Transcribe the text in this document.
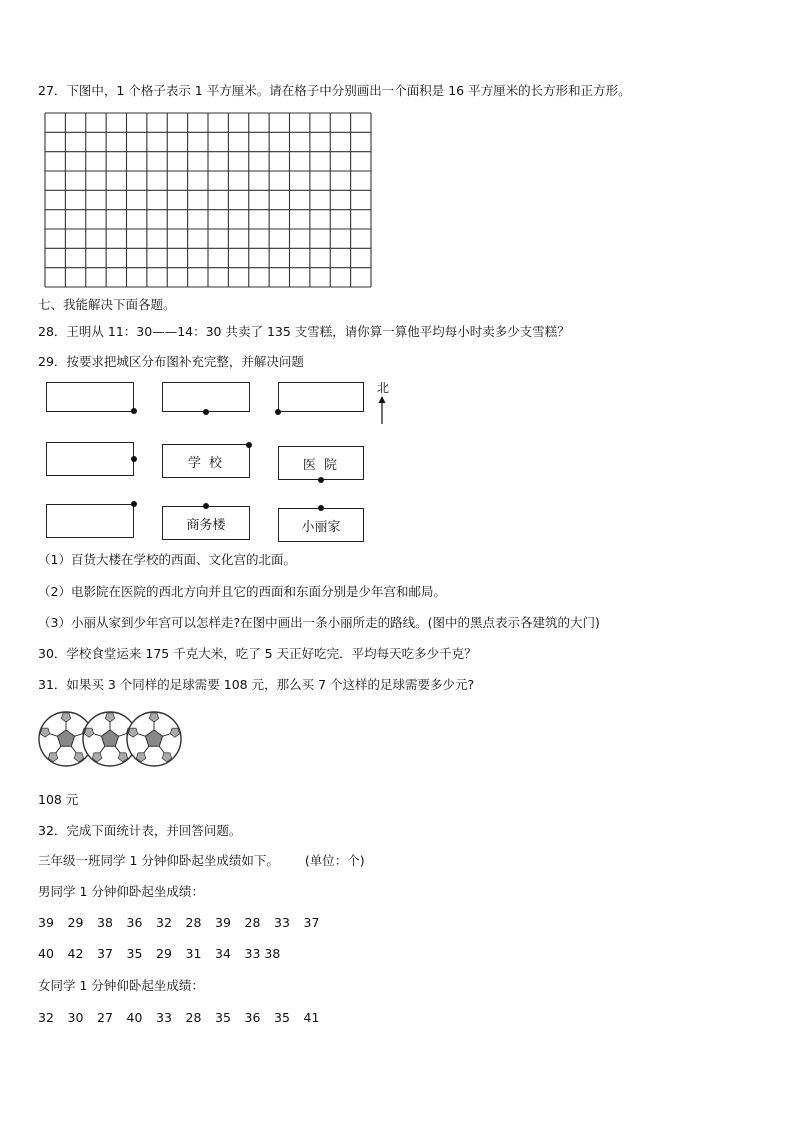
27．下图中，1 个格子表示 1 平方厘米。请在格子中分别画出一个面积是 16 平方厘米的长方形和正方形。
七、我能解决下面各题。
28．王明从 11：30——14：30 共卖了 135 支雪糕，请你算一算他平均每小时卖多少支雪糕？
29．按要求把城区分布图补充完整，并解决问题
北
学 校	医 院
商务楼	小丽家
（1）百货大楼在学校的西面、文化宫的北面。
（2）电影院在医院的西北方向并且它的西面和东面分别是少年宫和邮局。
（3）小丽从家到少年宫可以怎样走?在图中画出一条小丽所走的路线。(图中的黑点表示各建筑的大门)
30．学校食堂运来 175 千克大米，吃了 5 天正好吃完．平均每天吃多少千克？
31．如果买 3 个同样的足球需要 108 元，那么买 7 个这样的足球需要多少元?
108 元
32．完成下面统计表，并回答问题。
三年级一班同学 1 分钟仰卧起坐成绩如下。 (单位：个)
男同学 1 分钟仰卧起坐成绩：
39 29 38 36 32 28 39 28 33 37
40 42 37 35 29 31 34 33 38
女同学 1 分钟仰卧起坐成绩：
32 30 27 40 33 28 35 36 35 41
